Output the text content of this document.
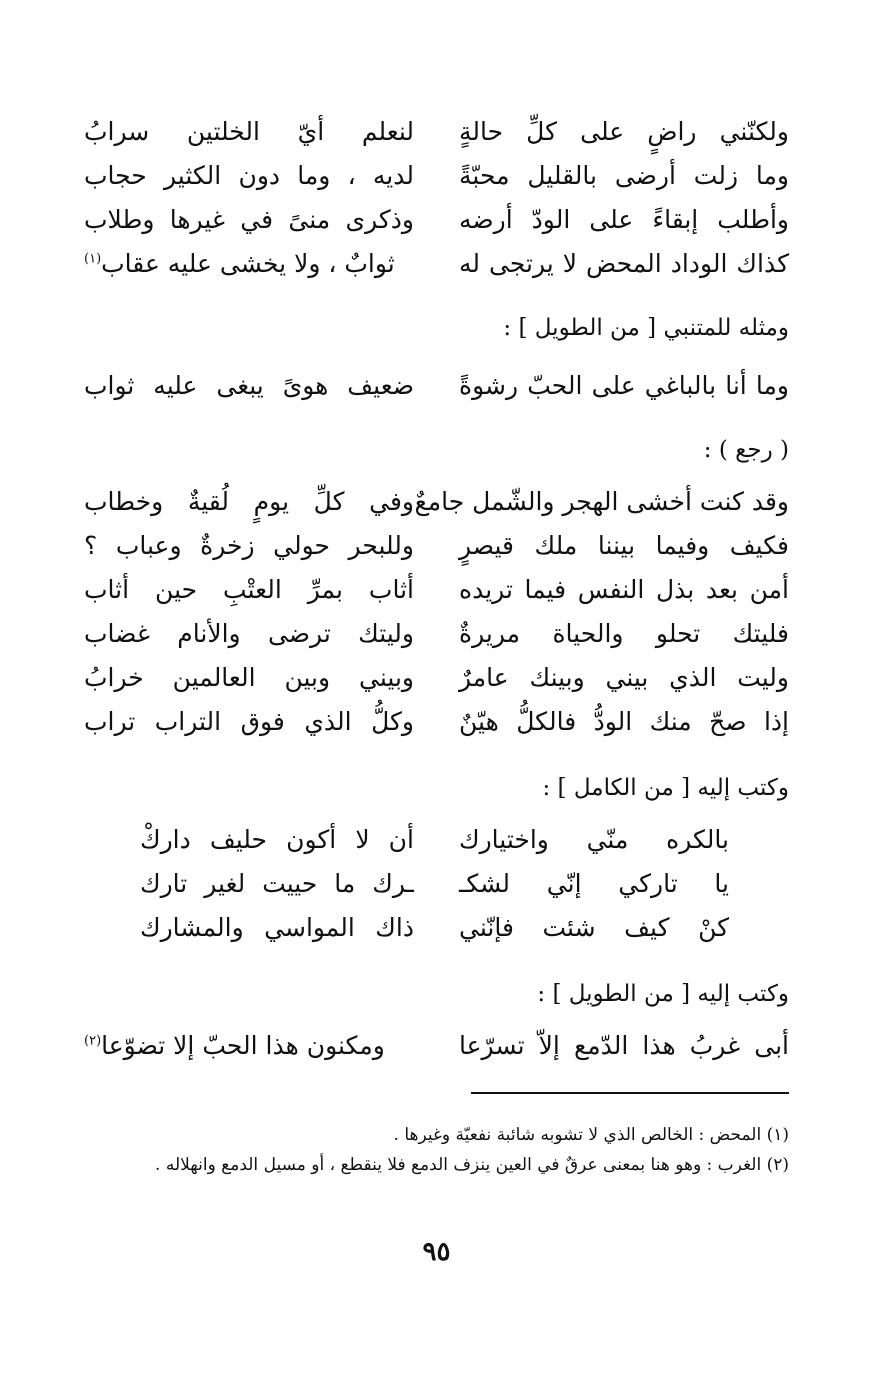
ولكنّني راضٍ على كلِّ حالةٍ
لنعلم أيّ الخلتين سرابُ
وما زلت أرضى بالقليل محبّةً
لديه ، وما دون الكثير حجاب
وأطلب إبقاءً على الودّ أرضه
وذكرى منىً في غيرها وطلاب
كذاك الوداد المحض لا يرتجى له
ثوابٌ ، ولا يخشى عليه عقاب$^{(١)}$
ومثله للمتنبي [ من الطويل ] :
وما أنا بالباغي على الحبّ رشوةً
ضعيف هوىً يبغى عليه ثواب
( رجع ) :
وقد كنت أخشى الهجر والشّمل جامعٌ
وفي كلِّ يومٍ لُقيةٌ وخطاب
فكيف وفيما بيننا ملك قيصرٍ
وللبحر حولي زخرةٌ وعباب ؟
أمن بعد بذل النفس فيما تريده
أثاب بمرِّ العتْبِ حين أثاب
فليتك تحلو والحياة مريرةٌ
وليتك ترضى والأنام غضاب
وليت الذي بيني وبينك عامرٌ
وبيني وبين العالمين خرابُ
إذا صحّ منك الودُّ فالكلُّ هيّنٌ
وكلُّ الذي فوق التراب تراب
وكتب إليه [ من الكامل ] :
بالكره منّي واختيارك
أن لا أكون حليف داركْ
يا تاركي إنّي لشكـ
ـرك ما حييت لغير تارك
كنْ كيف شئت فإنّني
ذاك المواسي والمشارك
وكتب إليه [ من الطويل ] :
أبى غربُ هذا الدّمع إلاّ تسرّعا
ومكنون هذا الحبّ إلا تضوّعا$^{(٢)}$
(١) المحض : الخالص الذي لا تشوبه شائبة نفعيّة وغيرها .
(٢) الغرب : وهو هنا بمعنى عرقٌ في العين ينزف الدمع فلا ينقطع ، أو مسيل الدمع وانهلاله .
٩٥
